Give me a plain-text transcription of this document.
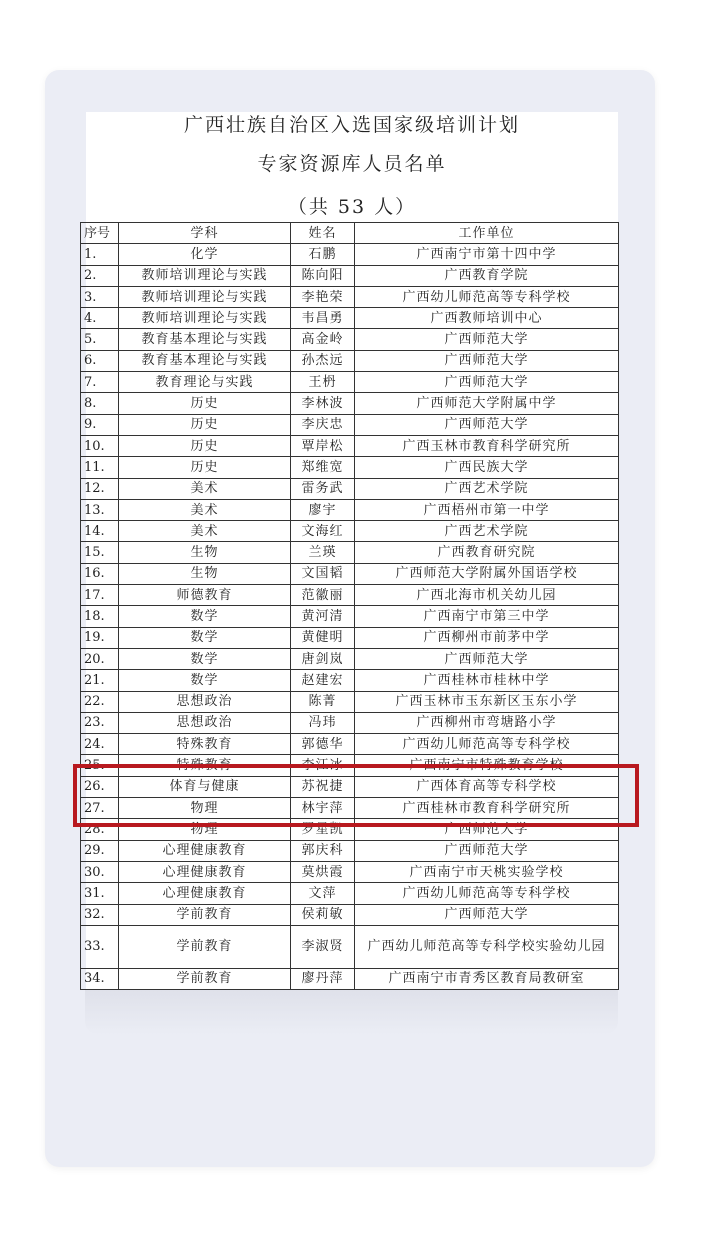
广西壮族自治区入选国家级培训计划
专家资源库人员名单
（共 53 人）
序号	学科	姓名	工作单位
1.	化学	石鹏	广西南宁市第十四中学
2.	教师培训理论与实践	陈向阳	广西教育学院
3.	教师培训理论与实践	李艳荣	广西幼儿师范高等专科学校
4.	教师培训理论与实践	韦昌勇	广西教师培训中心
5.	教育基本理论与实践	高金岭	广西师范大学
6.	教育基本理论与实践	孙杰远	广西师范大学
7.	教育理论与实践	王枬	广西师范大学
8.	历史	李林波	广西师范大学附属中学
9.	历史	李庆忠	广西师范大学
10.	历史	覃岸松	广西玉林市教育科学研究所
11.	历史	郑维宽	广西民族大学
12.	美术	雷务武	广西艺术学院
13.	美术	廖宇	广西梧州市第一中学
14.	美术	文海红	广西艺术学院
15.	生物	兰瑛	广西教育研究院
16.	生物	文国韬	广西师范大学附属外国语学校
17.	师德教育	范徽丽	广西北海市机关幼儿园
18.	数学	黄河清	广西南宁市第三中学
19.	数学	黄健明	广西柳州市前茅中学
20.	数学	唐剑岚	广西师范大学
21.	数学	赵建宏	广西桂林市桂林中学
22.	思想政治	陈菁	广西玉林市玉东新区玉东小学
23.	思想政治	冯玮	广西柳州市弯塘路小学
24.	特殊教育	郭德华	广西幼儿师范高等专科学校
25.	特殊教育	李江冰	广西南宁市特殊教育学校
26.	体育与健康	苏祝捷	广西体育高等专科学校
27.	物理	林宇萍	广西桂林市教育科学研究所
28.	物理	罗星凯	广西师范大学
29.	心理健康教育	郭庆科	广西师范大学
30.	心理健康教育	莫烘霞	广西南宁市天桃实验学校
31.	心理健康教育	文萍	广西幼儿师范高等专科学校
32.	学前教育	侯莉敏	广西师范大学
33.	学前教育	李淑贤	广西幼儿师范高等专科学校实验幼儿园
34.	学前教育	廖丹萍	广西南宁市青秀区教育局教研室
